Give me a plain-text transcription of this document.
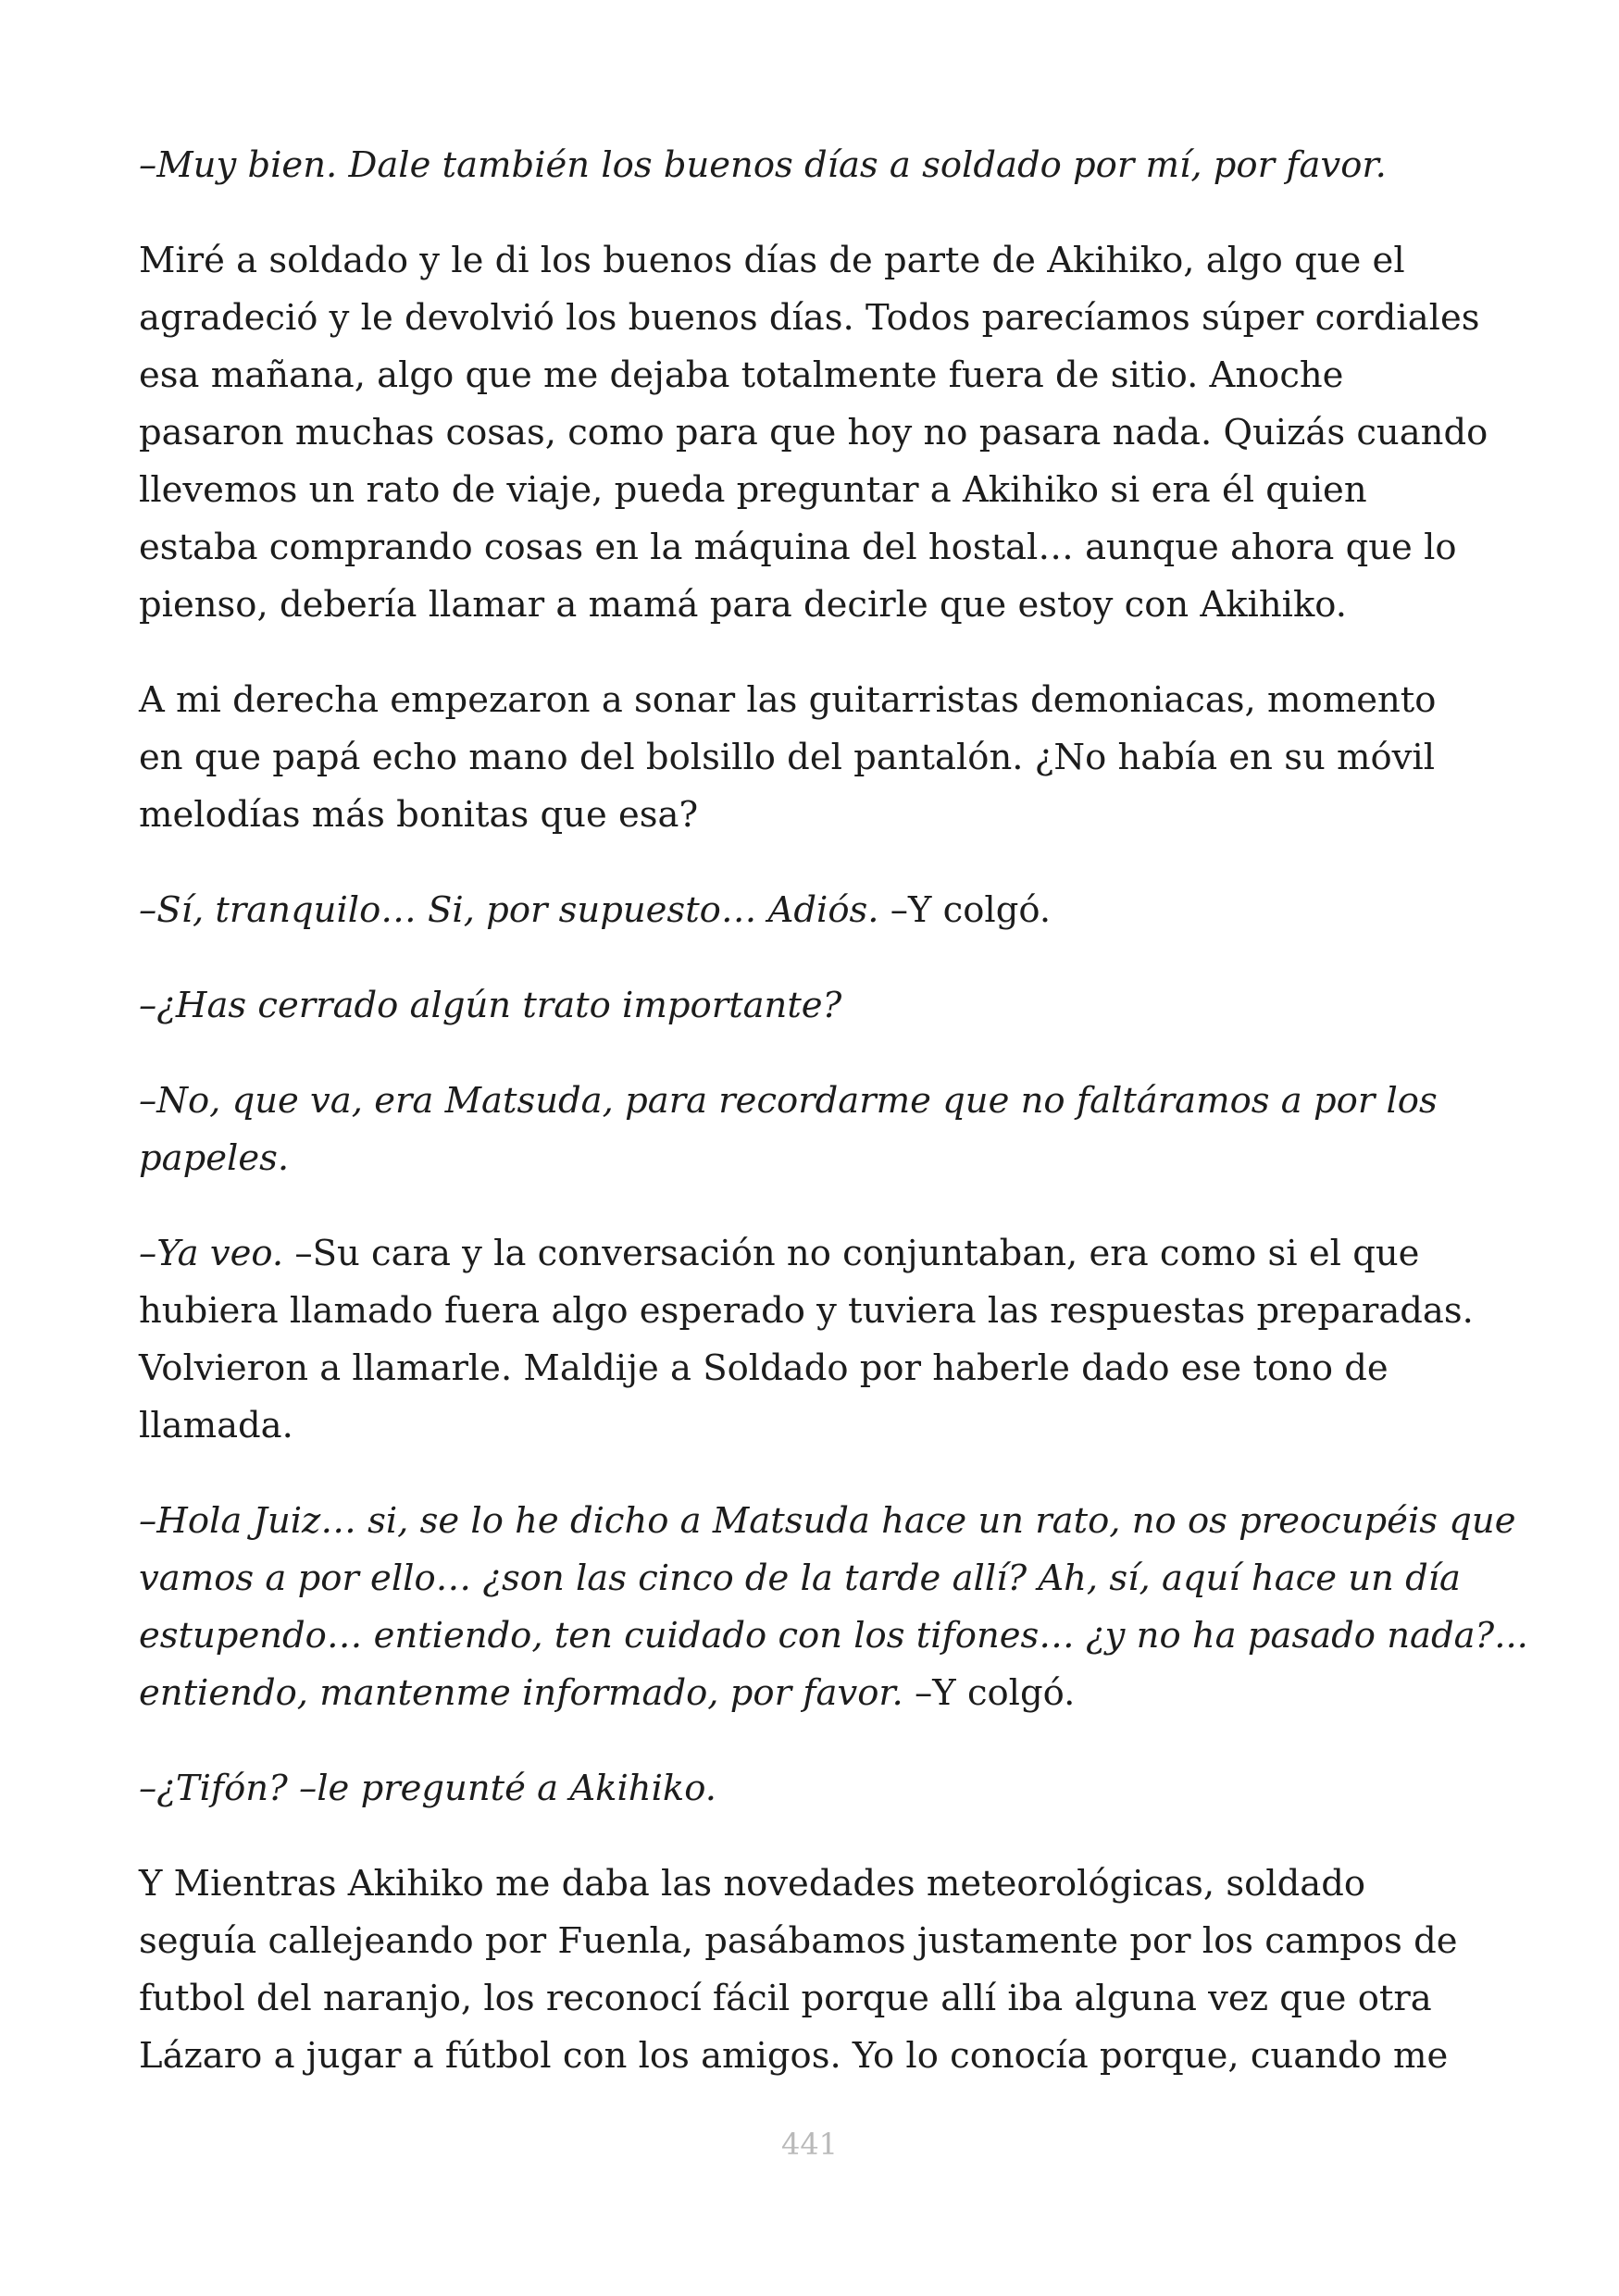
–Muy bien. Dale también los buenos días a soldado por mí, por favor.

Miré a soldado y le di los buenos días de parte de Akihiko, algo que el
agradeció y le devolvió los buenos días. Todos parecíamos súper cordiales
esa mañana, algo que me dejaba totalmente fuera de sitio. Anoche
pasaron muchas cosas, como para que hoy no pasara nada. Quizás cuando
llevemos un rato de viaje, pueda preguntar a Akihiko si era él quien
estaba comprando cosas en la máquina del hostal… aunque ahora que lo
pienso, debería llamar a mamá para decirle que estoy con Akihiko.

A mi derecha empezaron a sonar las guitarristas demoniacas, momento
en que papá echo mano del bolsillo del pantalón. ¿No había en su móvil
melodías más bonitas que esa?

–Sí, tranquilo… Si, por supuesto… Adiós. –Y colgó.

–¿Has cerrado algún trato importante?

–No, que va, era Matsuda, para recordarme que no faltáramos a por los
papeles.

–Ya veo. –Su cara y la conversación no conjuntaban, era como si el que
hubiera llamado fuera algo esperado y tuviera las respuestas preparadas.
Volvieron a llamarle. Maldije a Soldado por haberle dado ese tono de
llamada.

–Hola Juiz… si, se lo he dicho a Matsuda hace un rato, no os preocupéis que
vamos a por ello… ¿son las cinco de la tarde allí? Ah, sí, aquí hace un día
estupendo… entiendo, ten cuidado con los tifones… ¿y no ha pasado nada?...
entiendo, mantenme informado, por favor. –Y colgó.

–¿Tifón? –le pregunté a Akihiko.

Y Mientras Akihiko me daba las novedades meteorológicas, soldado
seguía callejeando por Fuenla, pasábamos justamente por los campos de
futbol del naranjo, los reconocí fácil porque allí iba alguna vez que otra
Lázaro a jugar a fútbol con los amigos. Yo lo conocía porque, cuando me

441
